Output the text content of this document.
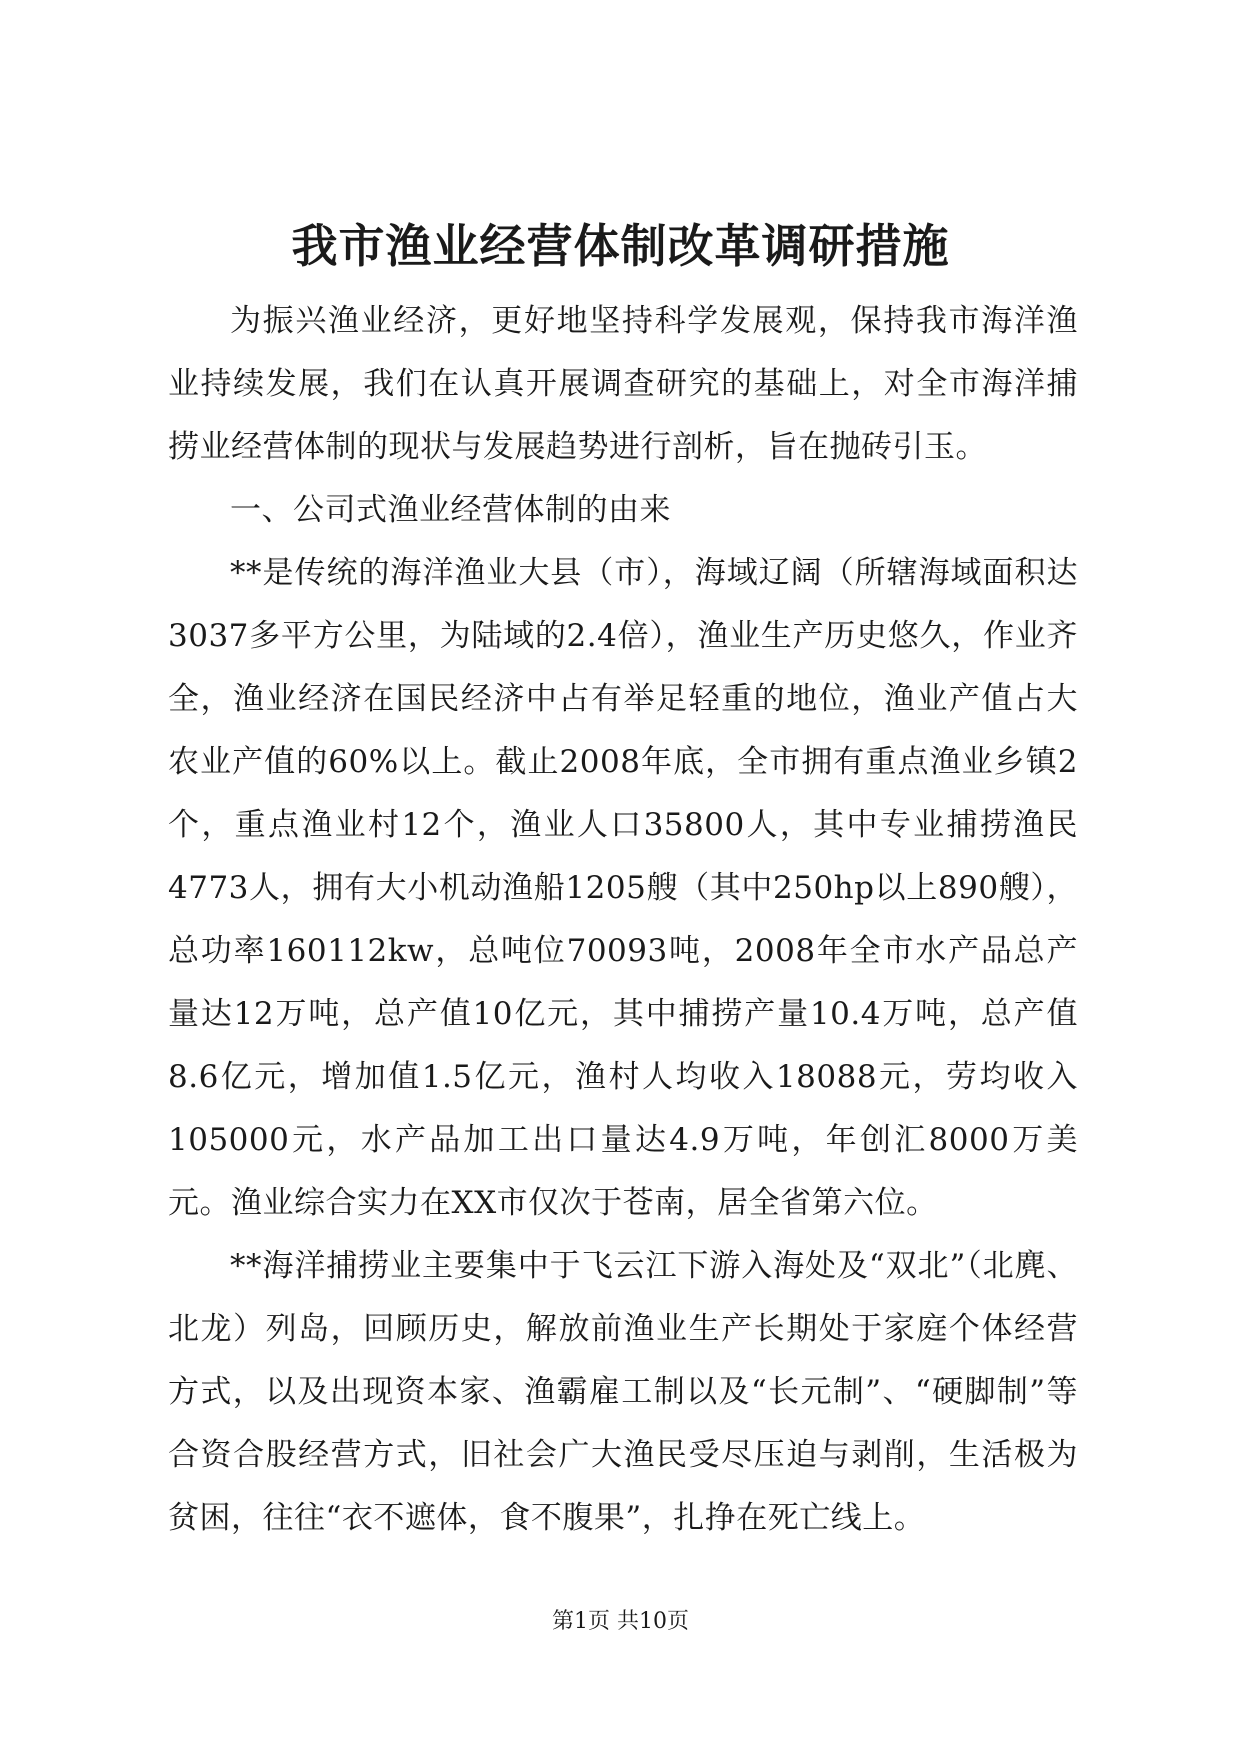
我市渔业经营体制改革调研措施

为振兴渔业经济，更好地坚持科学发展观，保持我市海洋渔业持续发展，我们在认真开展调查研究的基础上，对全市海洋捕捞业经营体制的现状与发展趋势进行剖析，旨在抛砖引玉。

一、公司式渔业经营体制的由来

**是传统的海洋渔业大县（市），海域辽阔（所辖海域面积达3037多平方公里，为陆域的2.4倍），渔业生产历史悠久，作业齐全，渔业经济在国民经济中占有举足轻重的地位，渔业产值占大农业产值的60%以上。截止2008年底，全市拥有重点渔业乡镇2个，重点渔业村12个，渔业人口35800人，其中专业捕捞渔民4773人，拥有大小机动渔船1205艘（其中250hp以上890艘），总功率160112kw，总吨位70093吨，2008年全市水产品总产量达12万吨，总产值10亿元，其中捕捞产量10.4万吨，总产值8.6亿元，增加值1.5亿元，渔村人均收入18088元，劳均收入105000元，水产品加工出口量达4.9万吨，年创汇8000万美元。渔业综合实力在XX市仅次于苍南，居全省第六位。

**海洋捕捞业主要集中于飞云江下游入海处及“双北”（北麂、北龙）列岛，回顾历史，解放前渔业生产长期处于家庭个体经营方式，以及出现资本家、渔霸雇工制以及“长元制”、“硬脚制”等合资合股经营方式，旧社会广大渔民受尽压迫与剥削，生活极为贫困，往往“衣不遮体，食不腹果”，扎挣在死亡线上。

第1页 共10页
